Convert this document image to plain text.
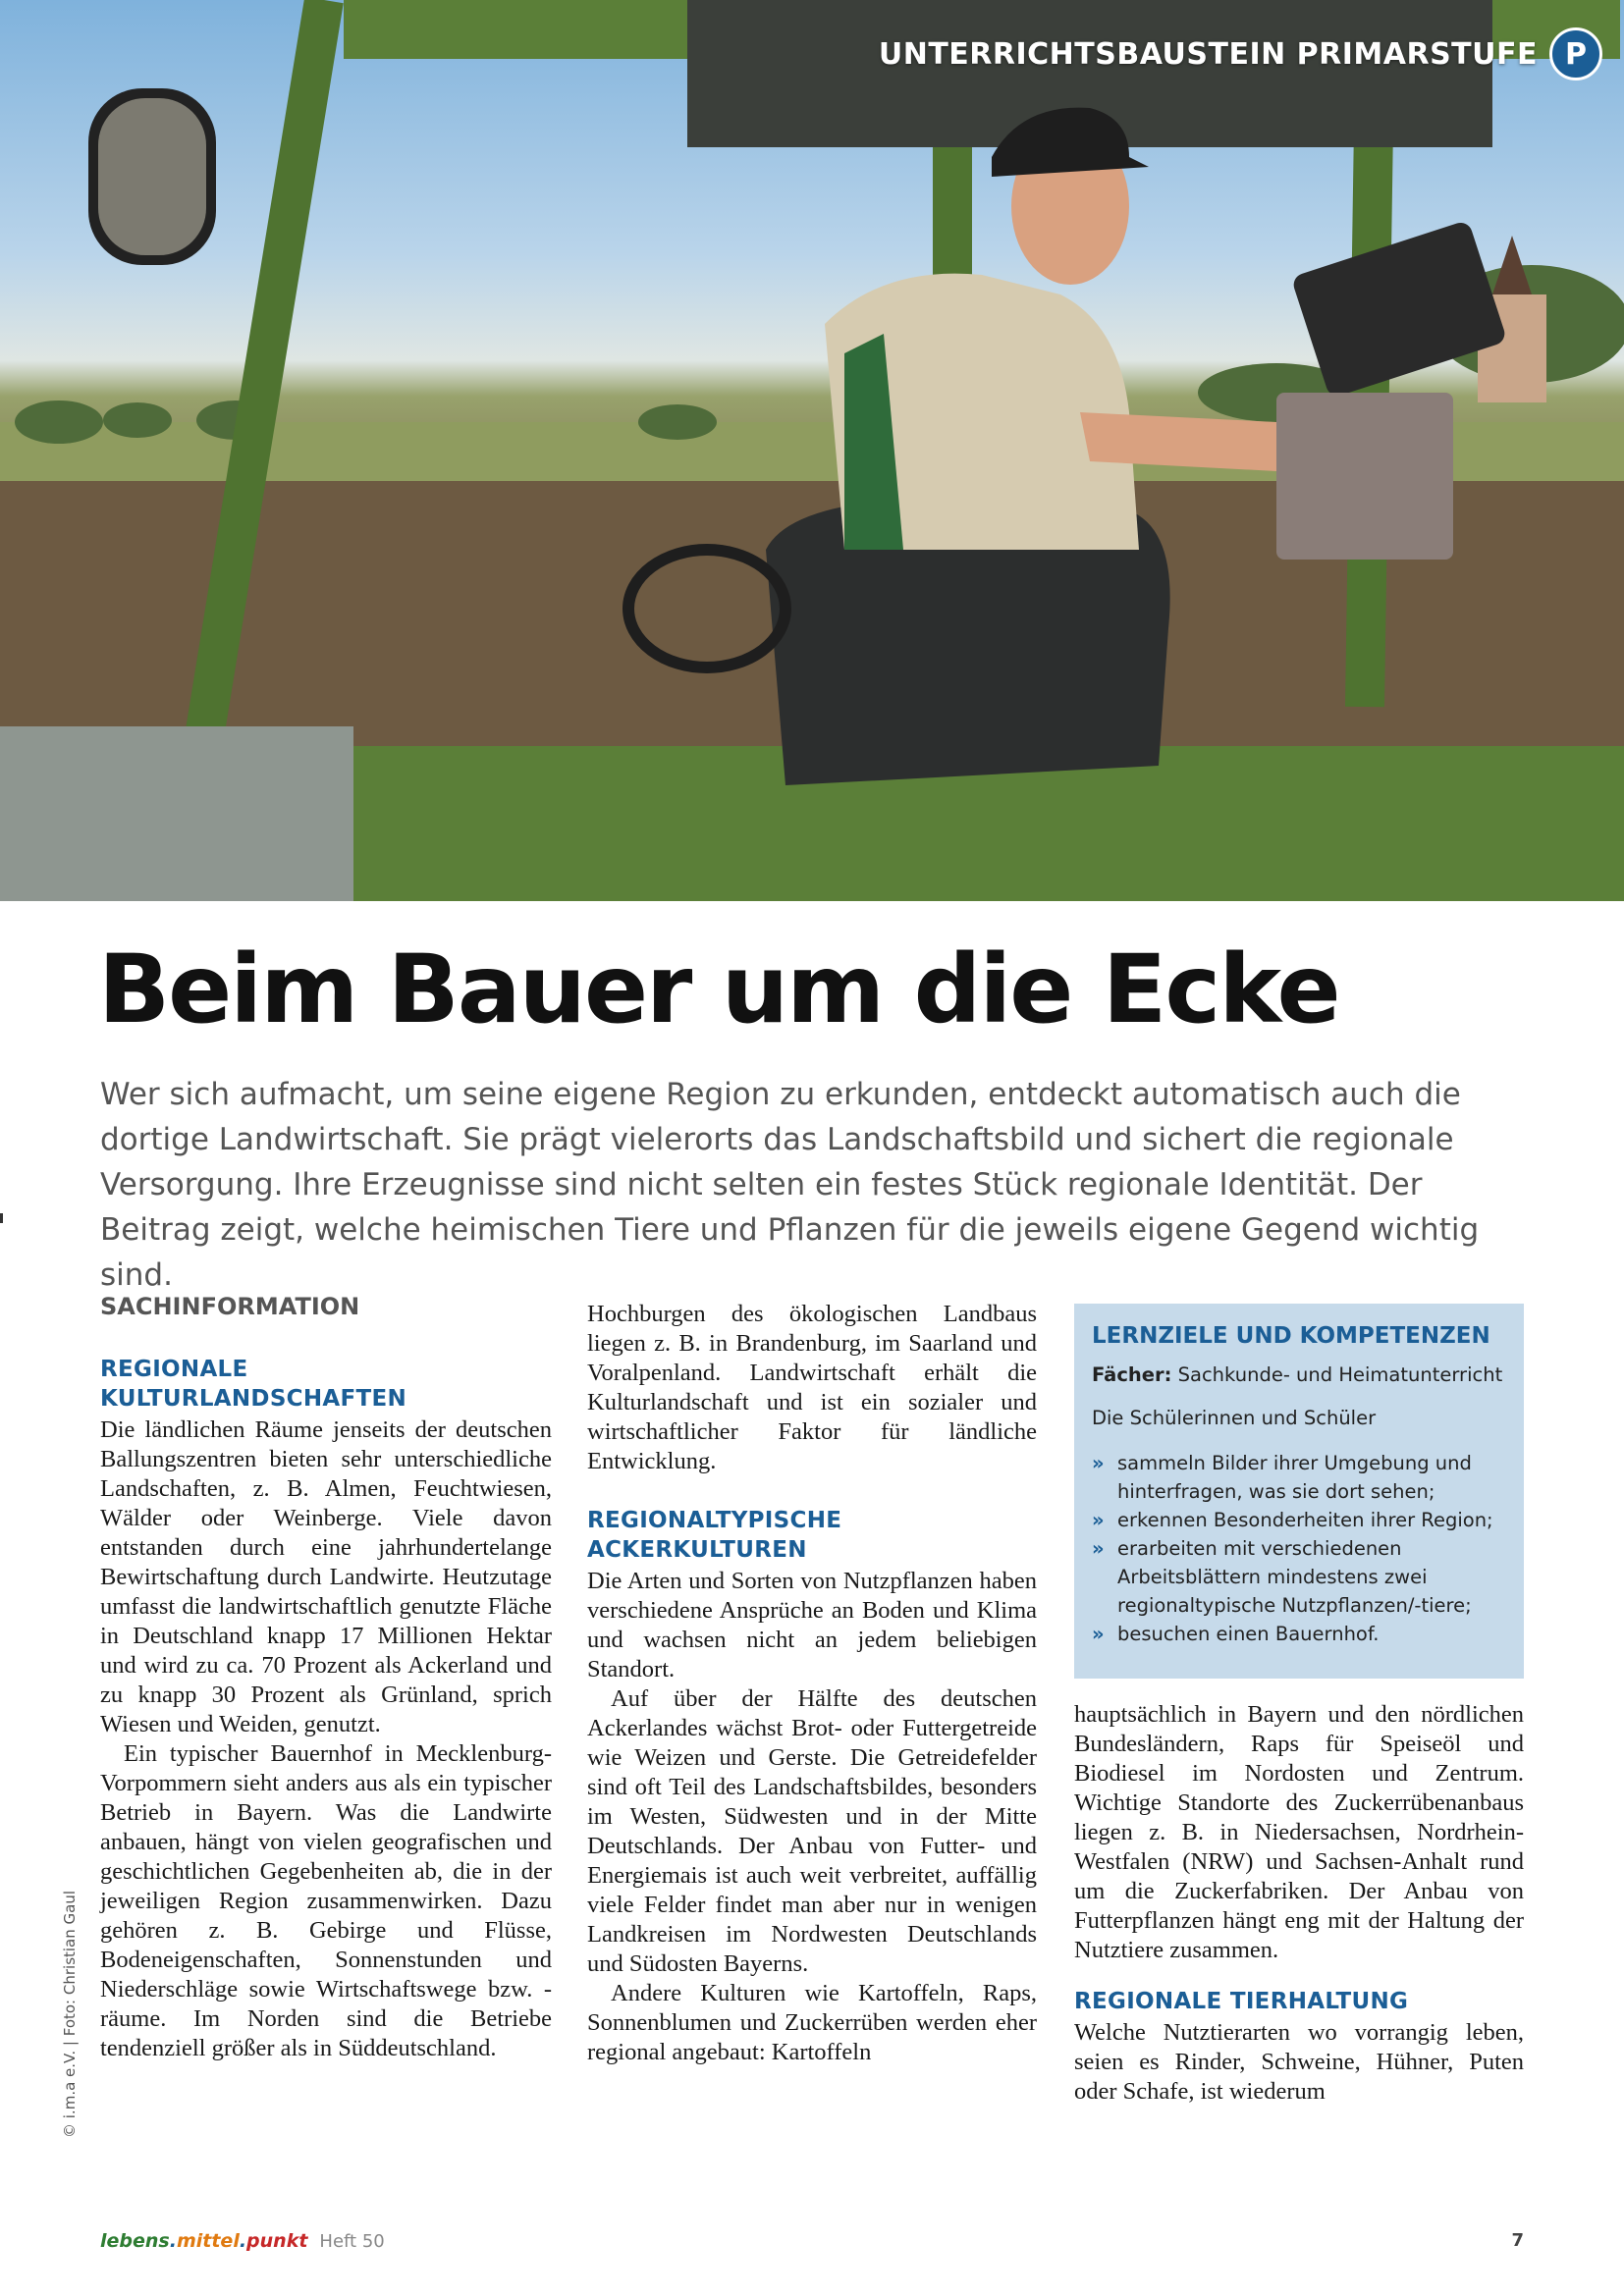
UNTERRICHTSBAUSTEIN PRIMARSTUFE P
Beim Bauer um die Ecke

Wer sich aufmacht, um seine eigene Region zu erkunden, entdeckt automatisch auch die dortige Landwirtschaft. Sie prägt vielerorts das Landschaftsbild und sichert die regionale Versorgung. Ihre Erzeugnisse sind nicht selten ein festes Stück regionale Identität. Der Beitrag zeigt, welche heimischen Tiere und Pflanzen für die jeweils eigene Gegend wichtig sind.

SACHINFORMATION
REGIONALE KULTURLANDSCHAFTEN

Die ländlichen Räume jenseits der deutschen Ballungszentren bieten sehr unterschiedliche Landschaften, z. B. Almen, Feuchtwiesen, Wälder oder Weinberge. Viele davon entstanden durch eine jahrhundertelange Bewirtschaftung durch Landwirte. Heutzutage umfasst die landwirtschaftlich genutzte Fläche in Deutschland knapp 17 Millionen Hektar und wird zu ca. 70 Prozent als Ackerland und zu knapp 30 Prozent als Grünland, sprich Wiesen und Weiden, genutzt.

Ein typischer Bauernhof in Mecklenburg-Vorpommern sieht anders aus als ein typischer Betrieb in Bayern. Was die Landwirte anbauen, hängt von vielen geografischen und geschichtlichen Gegebenheiten ab, die in der jeweiligen Region zusammenwirken. Dazu gehören z. B. Gebirge und Flüsse, Bodeneigenschaften, Sonnenstunden und Niederschläge sowie Wirtschaftswege bzw. -räume. Im Norden sind die Betriebe tendenziell größer als in Süddeutschland.

Hochburgen des ökologischen Landbaus liegen z. B. in Brandenburg, im Saarland und Voralpenland. Landwirtschaft erhält die Kulturlandschaft und ist ein sozialer und wirtschaftlicher Faktor für ländliche Entwicklung.

REGIONALTYPISCHE ACKERKULTUREN

Die Arten und Sorten von Nutzpflanzen haben verschiedene Ansprüche an Boden und Klima und wachsen nicht an jedem beliebigen Standort.

Auf über der Hälfte des deutschen Ackerlandes wächst Brot- oder Futtergetreide wie Weizen und Gerste. Die Getreidefelder sind oft Teil des Landschaftsbildes, besonders im Westen, Südwesten und in der Mitte Deutschlands. Der Anbau von Futter- und Energiemais ist auch weit verbreitet, auffällig viele Felder findet man aber nur in wenigen Landkreisen im Nordwesten Deutschlands und Südosten Bayerns.

Andere Kulturen wie Kartoffeln, Raps, Sonnenblumen und Zuckerrüben werden eher regional angebaut: Kartoffeln

LERNZIELE UND KOMPETENZEN
Fächer: Sachkunde- und Heimatunterricht
Die Schülerinnen und Schüler
» sammeln Bilder ihrer Umgebung und hinterfragen, was sie dort sehen;
» erkennen Besonderheiten ihrer Region;
» erarbeiten mit verschiedenen Arbeitsblättern mindestens zwei regionaltypische Nutzpflanzen/-tiere;
» besuchen einen Bauernhof.

hauptsächlich in Bayern und den nördlichen Bundesländern, Raps für Speiseöl und Biodiesel im Nordosten und Zentrum. Wichtige Standorte des Zuckerrübenanbaus liegen z. B. in Niedersachsen, Nordrhein-Westfalen (NRW) und Sachsen-Anhalt rund um die Zuckerfabriken. Der Anbau von Futterpflanzen hängt eng mit der Haltung der Nutztiere zusammen.

REGIONALE TIERHALTUNG

Welche Nutztierarten wo vorrangig leben, seien es Rinder, Schweine, Hühner, Puten oder Schafe, ist wiederum

© i.m.a e.V. | Foto: Christian Gaul
lebens.mittel.punkt Heft 50	7
